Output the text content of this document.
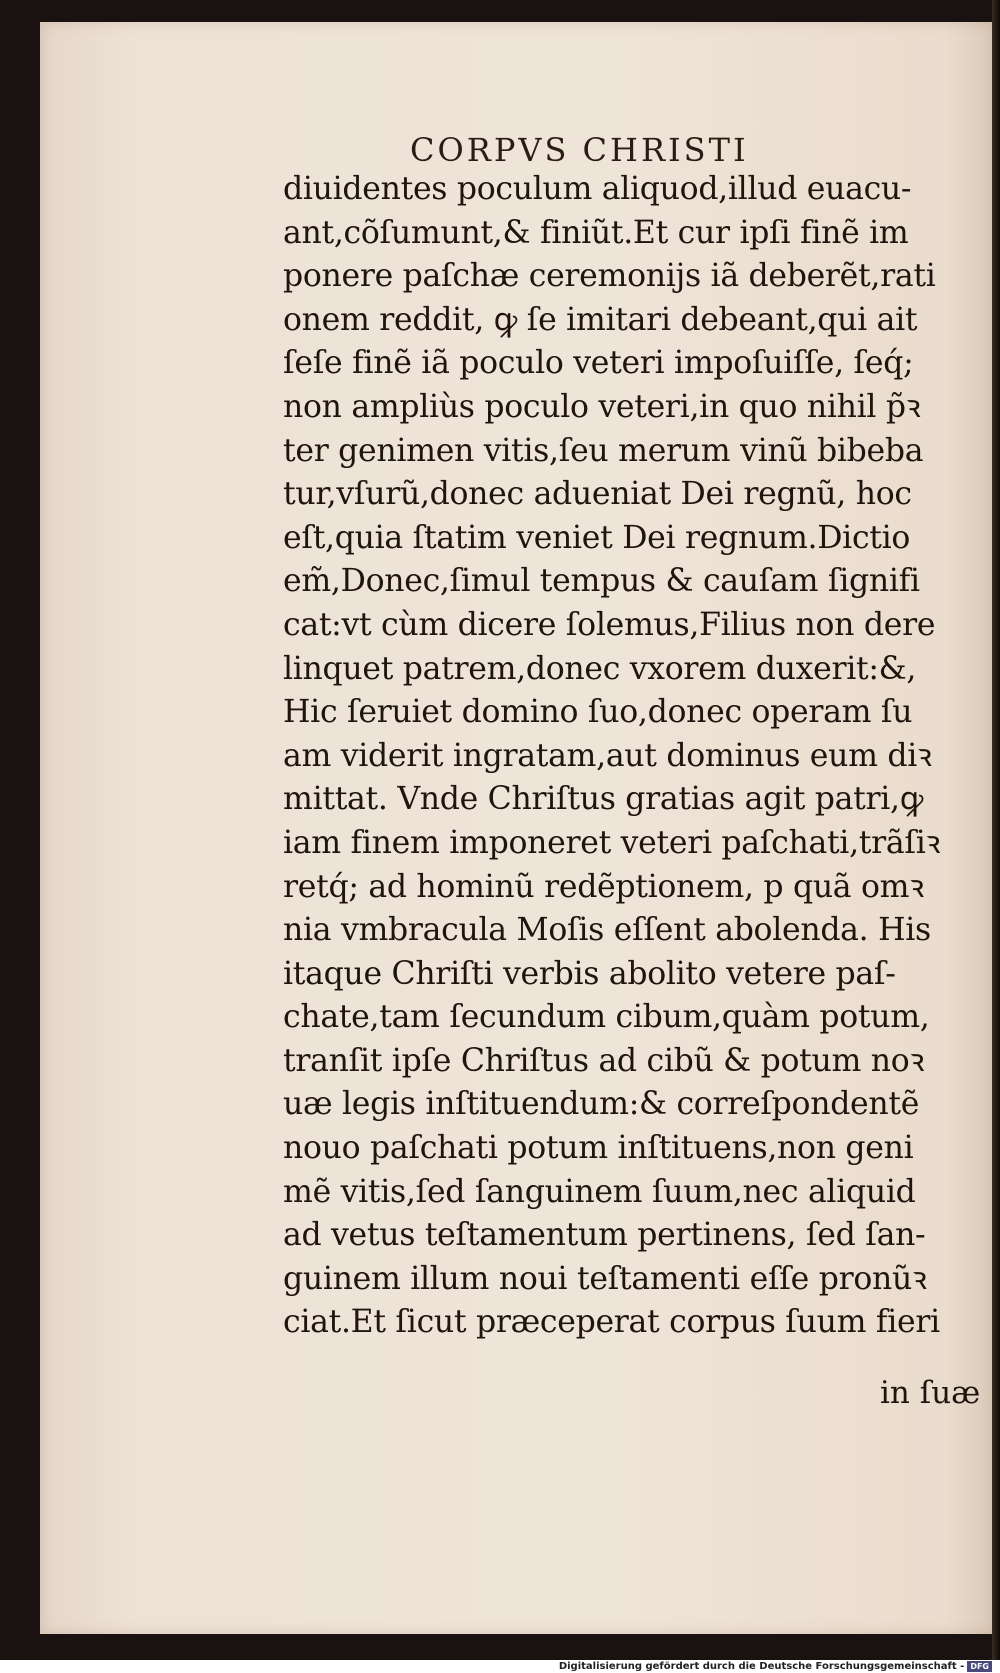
CORPVS CHRISTI
diuidentes poculum aliquod,illud euacu-
ant,cõſumunt,& finiũt.Et cur ipſi finẽ im
ponere paſchæ ceremonijs iã deberẽt,rati
onem reddit, ꝙ ſe imitari debeant,qui ait
ſeſe finẽ iã poculo veteri impoſuiſſe, ſeq́;
non ampliùs poculo veteri,in quo nihil p̃ꝛ
ter genimen vitis,ſeu merum vinũ bibeba
tur,vſurũ,donec adueniat Dei regnũ, hoc
eſt,quia ſtatim veniet Dei regnum.Dictio
em̃,Donec,ſimul tempus & cauſam ſignifi
cat:vt cùm dicere ſolemus,Filius non dere
linquet patrem,donec vxorem duxerit:&,
Hic ſeruiet domino ſuo,donec operam ſu
am viderit ingratam,aut dominus eum diꝛ
mittat. Vnde Chriſtus gratias agit patri,ꝙ
iam finem imponeret veteri paſchati,trãſiꝛ
retq́; ad hominũ redẽptionem, p quã omꝛ
nia vmbracula Moſis eſſent abolenda. His
itaque Chriſti verbis abolito vetere paſ-
chate,tam ſecundum cibum,quàm potum,
tranſit ipſe Chriſtus ad cibũ & potum noꝛ
uæ legis inſtituendum:& correſpondentẽ
nouo paſchati potum inſtituens,non geni
mẽ vitis,ſed ſanguinem ſuum,nec aliquid
ad vetus teſtamentum pertinens, ſed ſan-
guinem illum noui teſtamenti eſſe pronũꝛ
ciat.Et ſicut præceperat corpus ſuum fieri

in ſuæ

Digitalisierung gefördert durch die Deutsche Forschungsgemeinschaft - DFG
